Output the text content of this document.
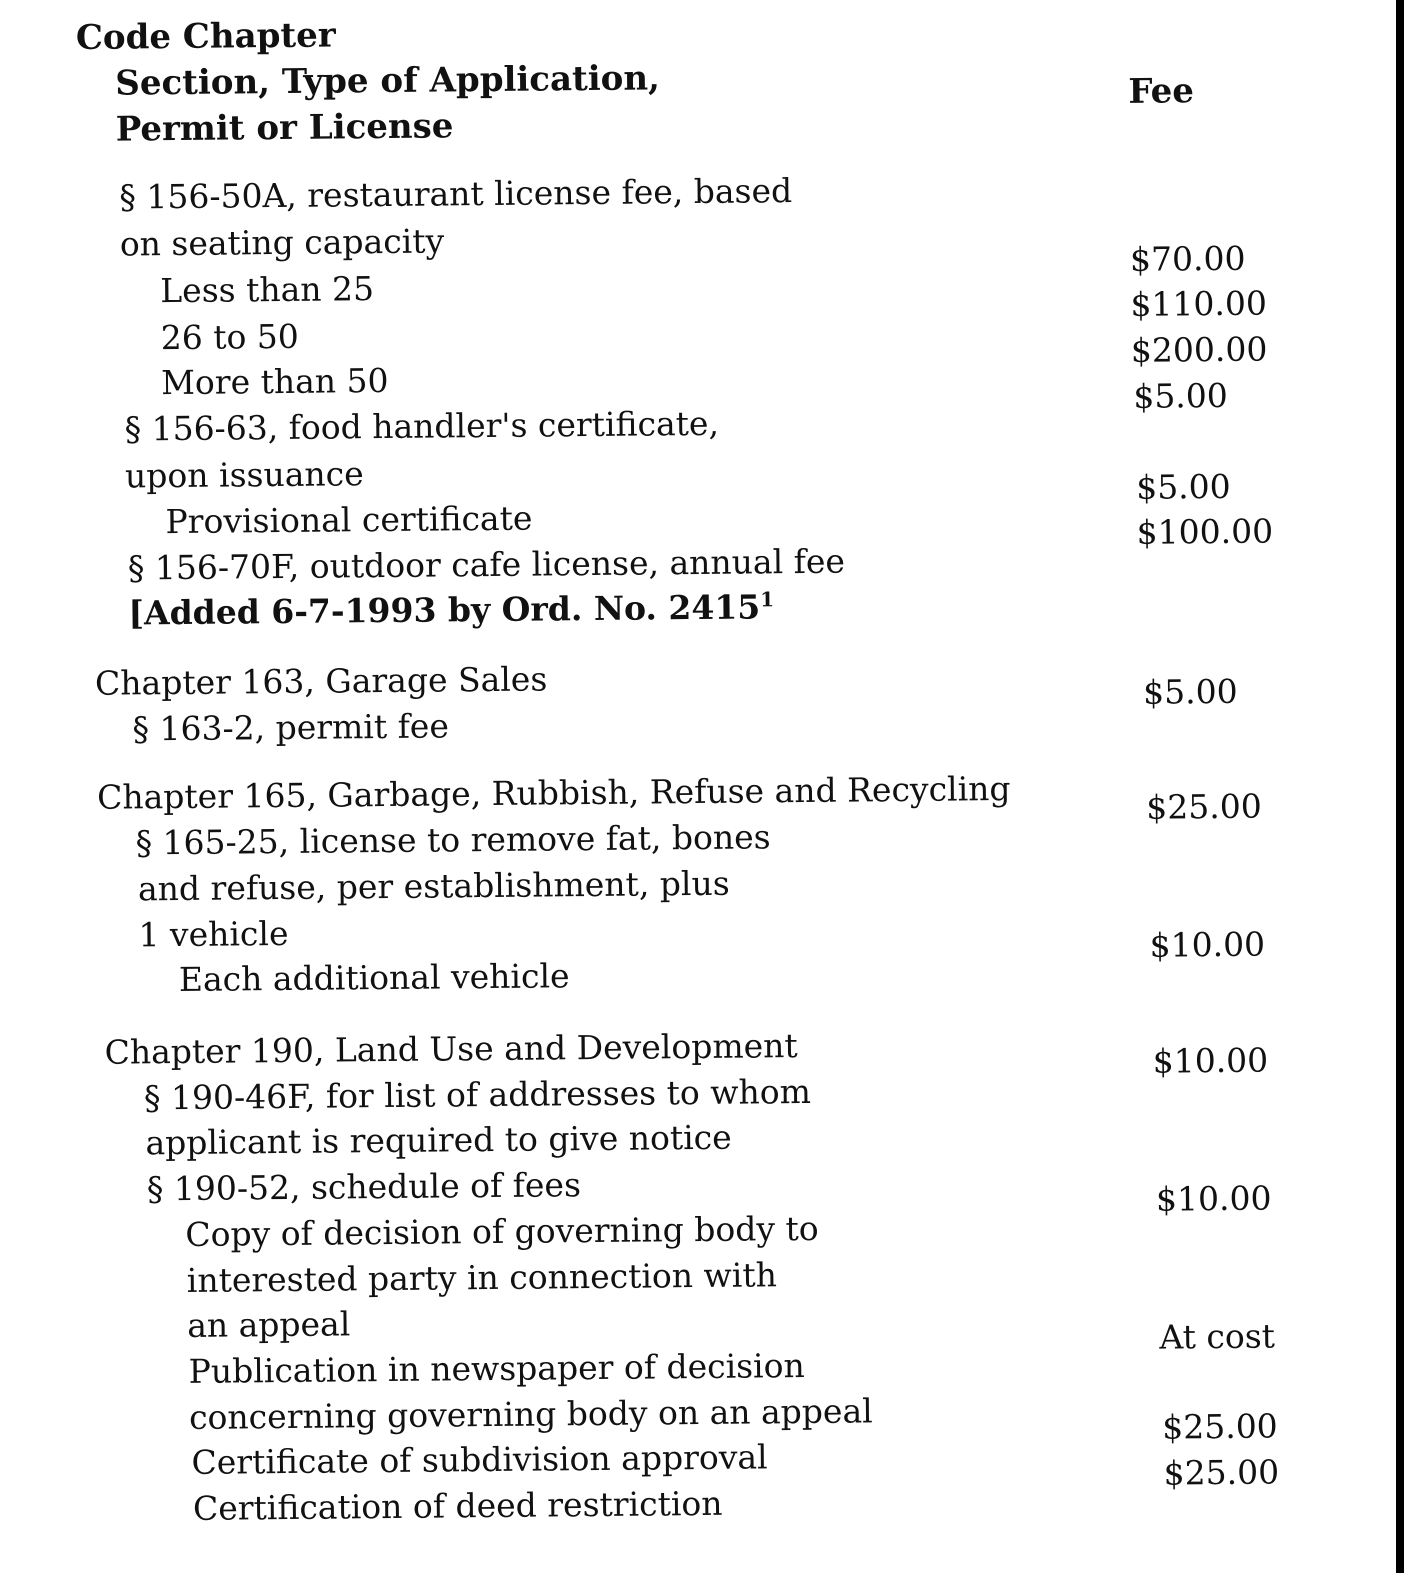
Code Chapter
Section, Type of Application,
Permit or License
Fee
§ 156-50A, restaurant license fee, based
on seating capacity
Less than 25
26 to 50
More than 50
§ 156-63, food handler's certificate,
upon issuance
Provisional certificate
§ 156-70F, outdoor cafe license, annual fee
[Added 6-7-1993 by Ord. No. 2415$^1$
Chapter 163, Garage Sales
§ 163-2, permit fee
Chapter 165, Garbage, Rubbish, Refuse and Recycling
§ 165-25, license to remove fat, bones
and refuse, per establishment, plus
1 vehicle
Each additional vehicle
Chapter 190, Land Use and Development
§ 190-46F, for list of addresses to whom
applicant is required to give notice
§ 190-52, schedule of fees
Copy of decision of governing body to
interested party in connection with
an appeal
Publication in newspaper of decision
concerning governing body on an appeal
Certificate of subdivision approval
Certification of deed restriction
$70.00
$110.00
$200.00
$5.00
$5.00
$100.00
$5.00
$25.00
$10.00
$10.00
$10.00
At cost
$25.00
$25.00
